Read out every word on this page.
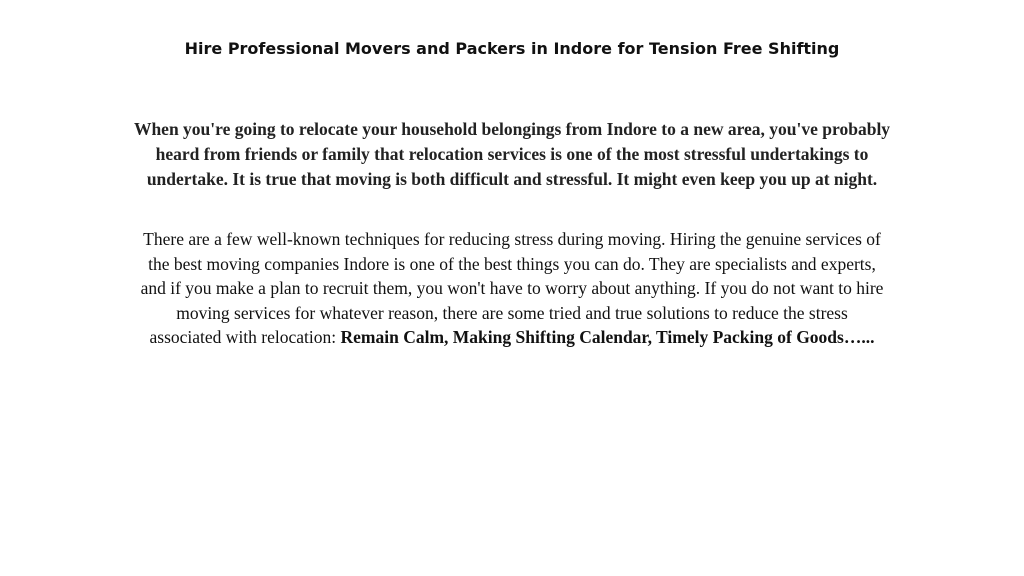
Hire Professional Movers and Packers in Indore for Tension Free Shifting

When you're going to relocate your household belongings from Indore to a new area, you've probably heard from friends or family that relocation services is one of the most stressful undertakings to undertake. It is true that moving is both difficult and stressful. It might even keep you up at night.

There are a few well-known techniques for reducing stress during moving. Hiring the genuine services of the best moving companies Indore is one of the best things you can do. They are specialists and experts, and if you make a plan to recruit them, you won't have to worry about anything. If you do not want to hire moving services for whatever reason, there are some tried and true solutions to reduce the stress associated with relocation: Remain Calm, Making Shifting Calendar, Timely Packing of Goods…...
